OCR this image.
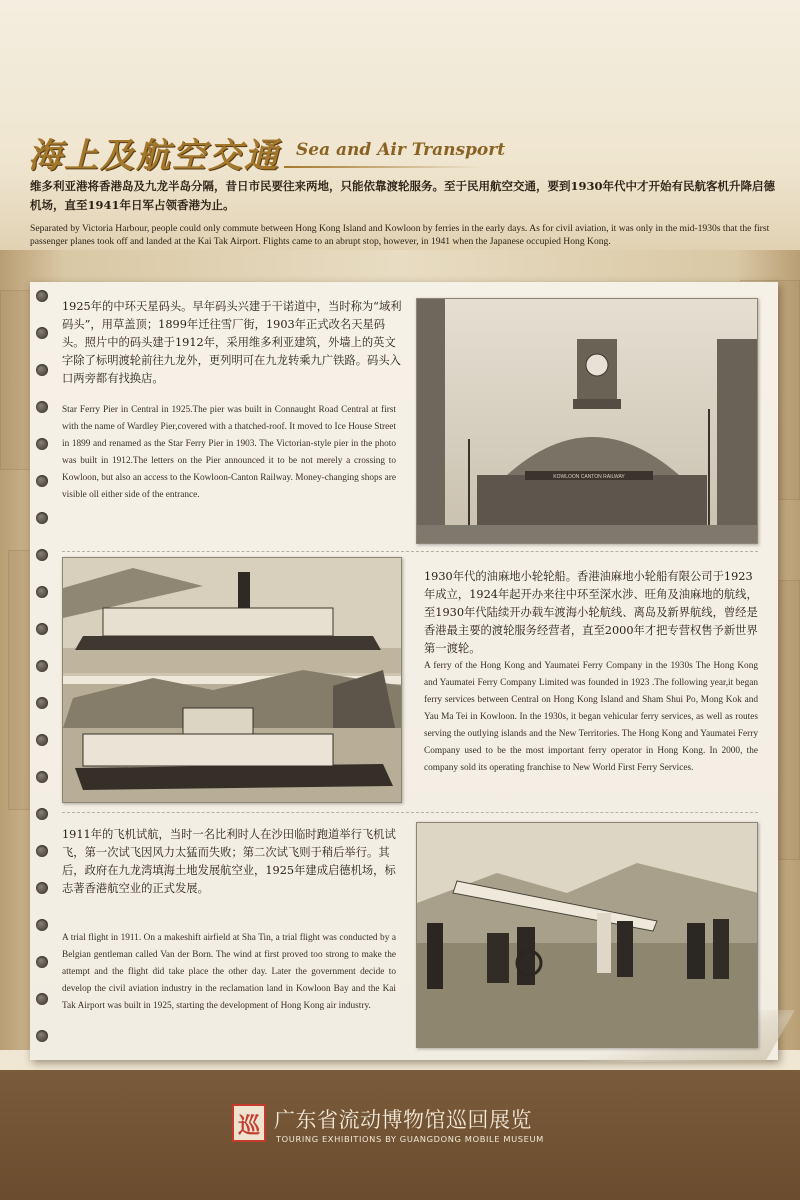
海上及航空交通 Sea and Air Transport
维多利亚港将香港岛及九龙半岛分隔，昔日市民要往来两地，只能依靠渡轮服务。至于民用航空交通，要到1930年代中才开始有民航客机升降启德机场，直至1941年日军占领香港为止。
Separated by Victoria Harbour, people could only commute between Hong Kong Island and Kowloon by ferries in the early days. As for civil aviation, it was only in the mid-1930s that the first passenger planes took off and landed at the Kai Tak Airport. Flights came to an abrupt stop, however, in 1941 when the Japanese occupied Hong Kong.
1925年的中环天星码头。早年码头兴建于干诺道中，当时称为“域利码头”，用草盖顶；1899年迁往雪厂街，1903年正式改名天星码头。照片中的码头建于1912年，采用维多利亚建筑，外墙上的英文字除了标明渡轮前往九龙外，更列明可在九龙转乘九广铁路。码头入口两旁都有找换店。
Star Ferry Pier in Central in 1925.The pier was built in Connaught Road Central at first with the name of Wardley Pier,covered with a thatched-roof. It moved to Ice House Street in 1899 and renamed as the Star Ferry Pier in 1903. The Victorian-style pier in the photo was built in 1912.The letters on the Pier announced it to be not merely a crossing to Kowloon, but also an access to the Kowloon-Canton Railway. Money-changing shops are visible oll either side of the entrance.
KOWLOON CANTON RAILWAY
1930年代的油麻地小轮轮船。香港油麻地小轮船有限公司于1923年成立，1924年起开办来往中环至深水涉、旺角及油麻地的航线，至1930年代陆续开办载车渡海小轮航线、离岛及新界航线，曾经是香港最主要的渡轮服务经营者，直至2000年才把专营权售予新世界第一渡轮。
A ferry of the Hong Kong and Yaumatei Ferry Company in the 1930s The Hong Kong and Yaumatei Ferry Company Limited was founded in 1923 .The following year,it began ferry services between Central on Hong Kong Island and Sham Shui Po, Mong Kok and Yau Ma Tei in Kowloon. In the 1930s, it began vehicular ferry services, as well as routes serving the outlying islands and the New Territories. The Hong Kong and Yaumatei Ferry Company used to be the most important ferry operator in Hong Kong. In 2000, the company sold its operating franchise to New World First Ferry Services.
1911年的飞机试航，当时一名比利时人在沙田临时跑道举行飞机试飞，第一次试飞因风力太猛而失败；第二次试飞则于稍后举行。其后，政府在九龙湾填海土地发展航空业，1925年建成启德机场，标志著香港航空业的正式发展。
A trial flight in 1911. On a makeshift airfield at Sha Tin, a trial flight was conducted by a Belgian gentleman called Van der Born. The wind at first proved too strong to make the attempt and the flight did take place the other day. Later the government decide to develop the civil aviation industry in the reclamation land in Kowloon Bay and the Kai Tak Airport was built in 1925, starting the development of Hong Kong air industry.
巡 广东省流动博物馆巡回展览
TOURING EXHIBITIONS BY GUANGDONG MOBILE MUSEUM
